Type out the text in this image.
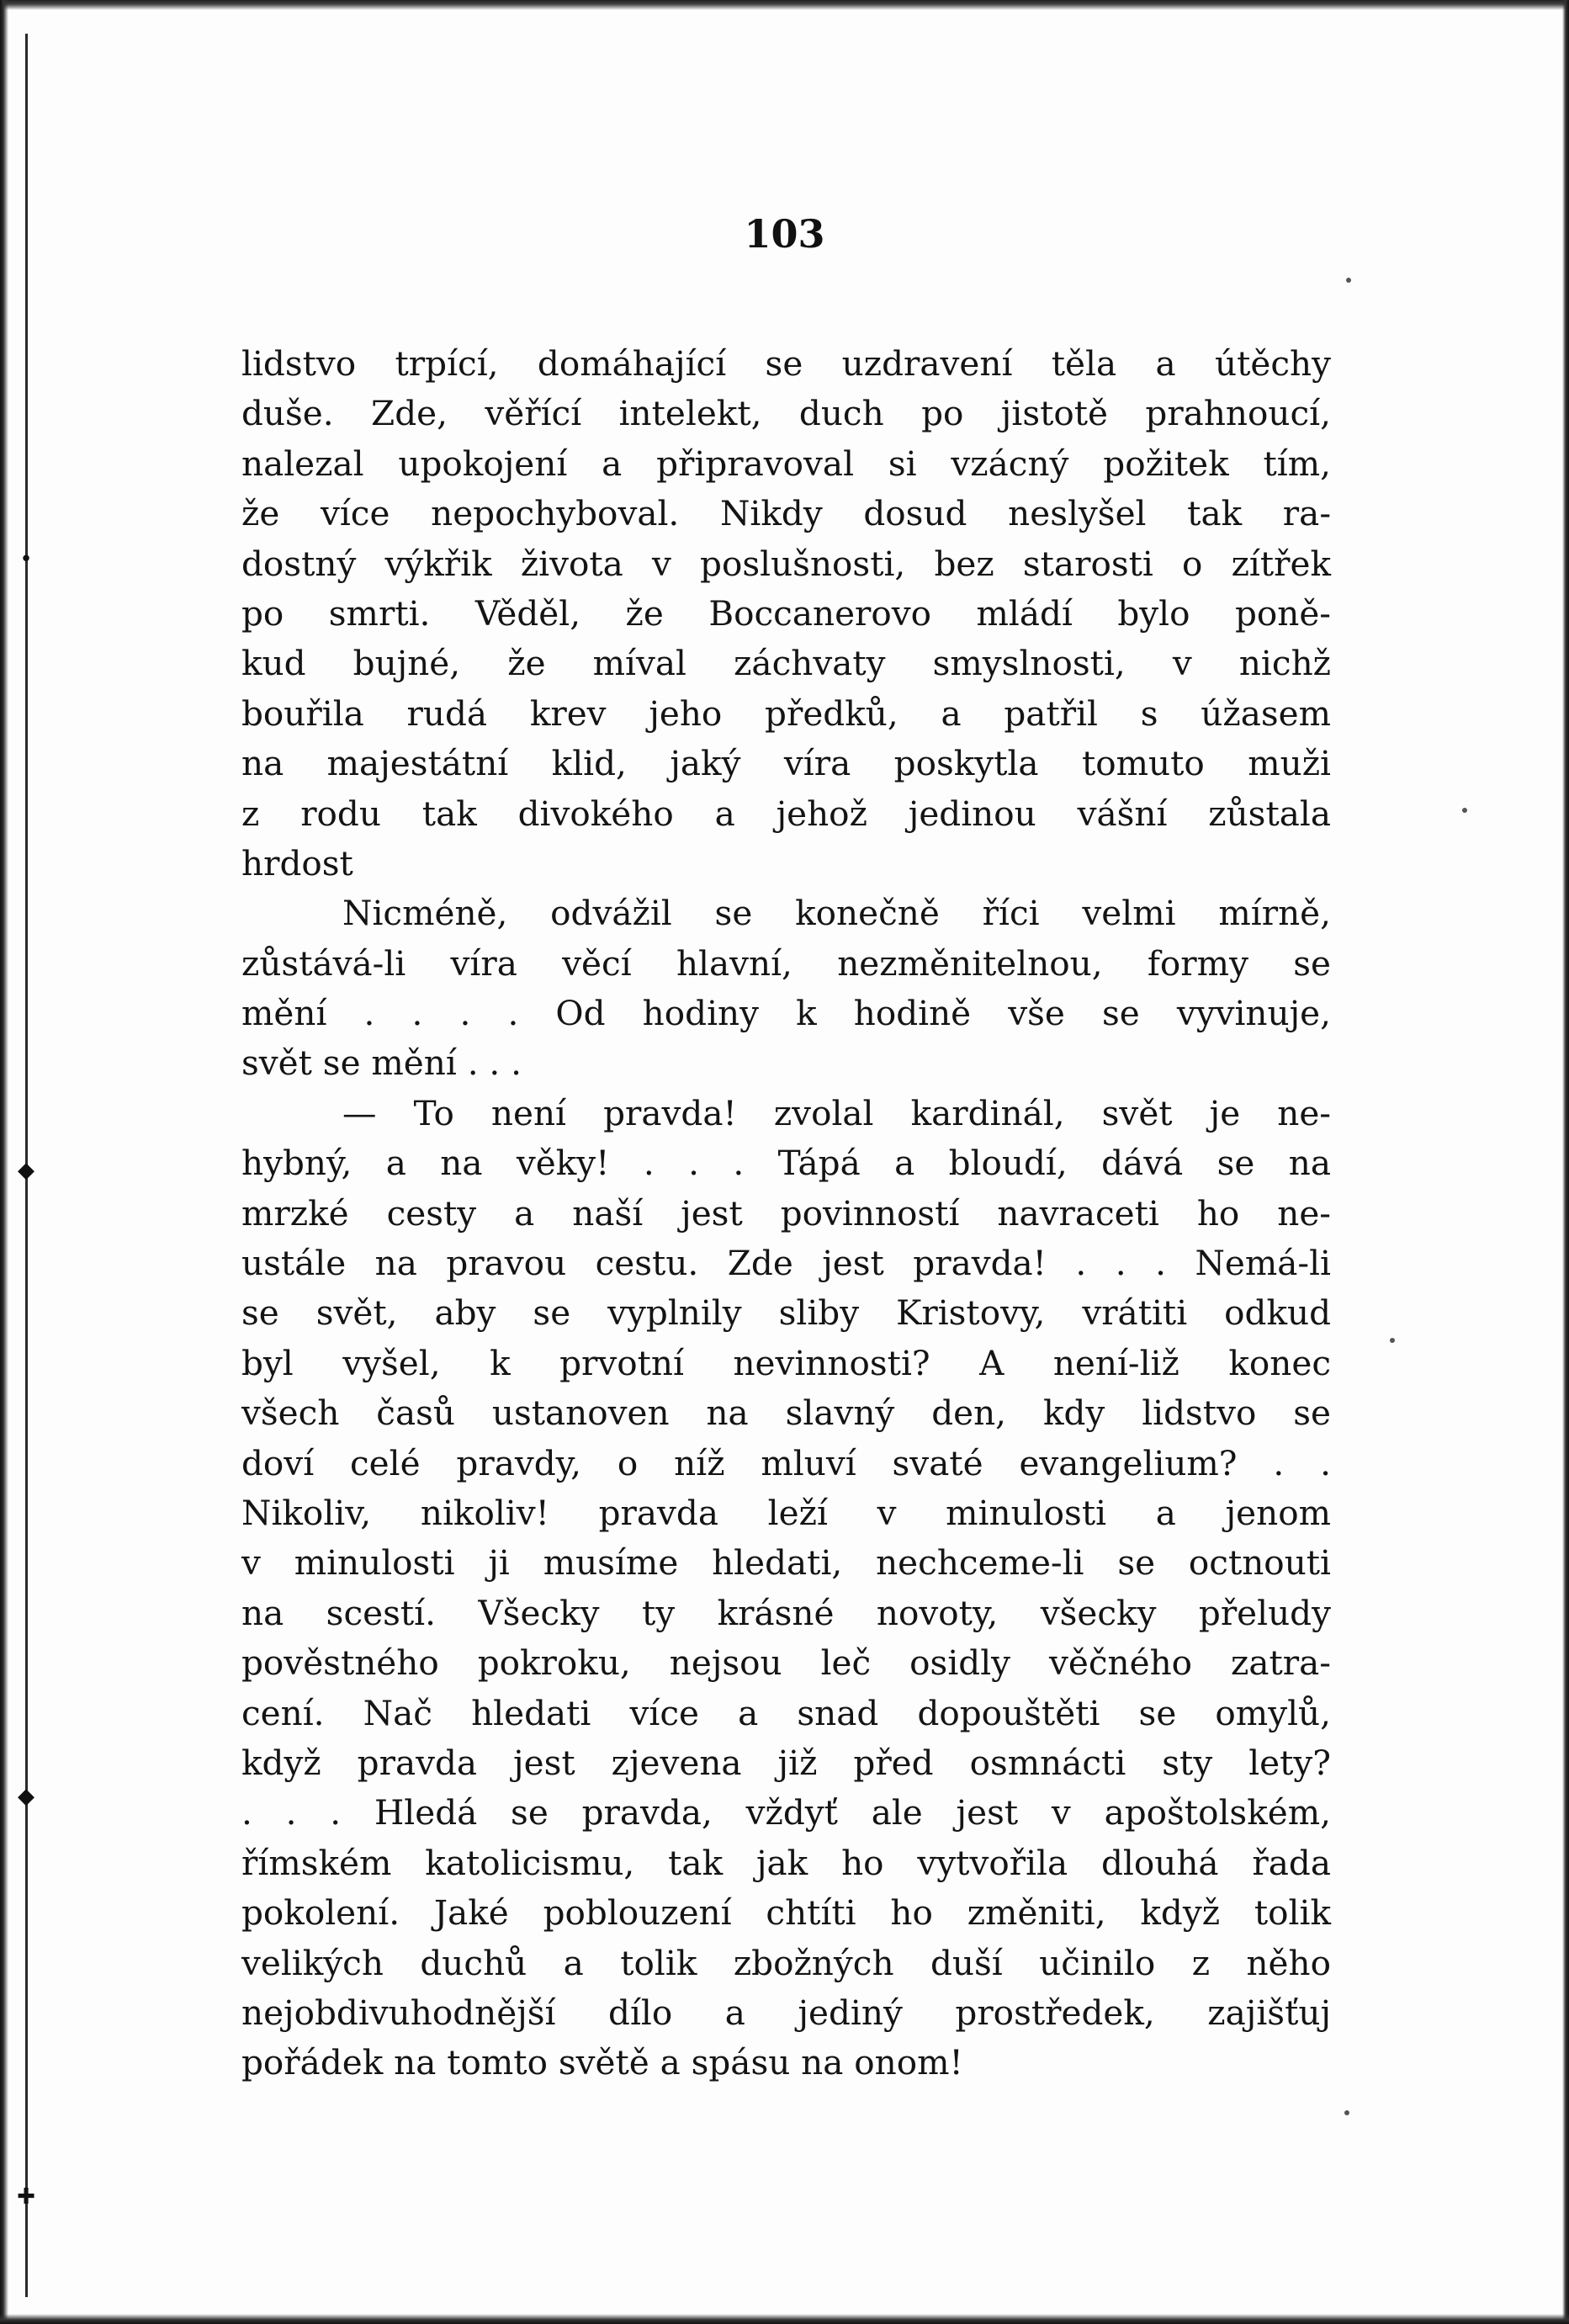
•
◆
◆
✚
103
lidstvo trpící, domáhající se uzdravení těla a útěchy
duše. Zde, věřící intelekt, duch po jistotě prahnoucí,
nalezal upokojení a připravoval si vzácný požitek tím,
že více nepochyboval. Nikdy dosud neslyšel tak ra-
dostný výkřik života v poslušnosti, bez starosti o zítřek
po smrti. Věděl, že Boccanerovo mládí bylo poně-
kud bujné, že míval záchvaty smyslnosti, v nichž
bouřila rudá krev jeho předků, a patřil s úžasem
na majestátní klid, jaký víra poskytla tomuto muži
z rodu tak divokého a jehož jedinou vášní zůstala
hrdost
Nicméně, odvážil se konečně říci velmi mírně,
zůstává-li víra věcí hlavní, nezměnitelnou, formy se
mění . . . . Od hodiny k hodině vše se vyvinuje,
svět se mění . . .
— To není pravda! zvolal kardinál, svět je ne-
hybný, a na věky! . . . Tápá a bloudí, dává se na
mrzké cesty a naší jest povinností navraceti ho ne-
ustále na pravou cestu. Zde jest pravda! . . . Nemá-li
se svět, aby se vyplnily sliby Kristovy, vrátiti odkud
byl vyšel, k prvotní nevinnosti? A není-liž konec
všech časů ustanoven na slavný den, kdy lidstvo se
doví celé pravdy, o níž mluví svaté evangelium? . .
Nikoliv, nikoliv! pravda leží v minulosti a jenom
v minulosti ji musíme hledati, nechceme-li se octnouti
na scestí. Všecky ty krásné novoty, všecky přeludy
pověstného pokroku, nejsou leč osidly věčného zatra-
cení. Nač hledati více a snad dopouštěti se omylů,
když pravda jest zjevena již před osmnácti sty lety?
. . . Hledá se pravda, vždyť ale jest v apoštolském,
římském katolicismu, tak jak ho vytvořila dlouhá řada
pokolení. Jaké poblouzení chtíti ho změniti, když tolik
velikých duchů a tolik zbožných duší učinilo z něho
nejobdivuhodnější dílo a jediný prostředek, zajišťuj
pořádek na tomto světě a spásu na onom!
